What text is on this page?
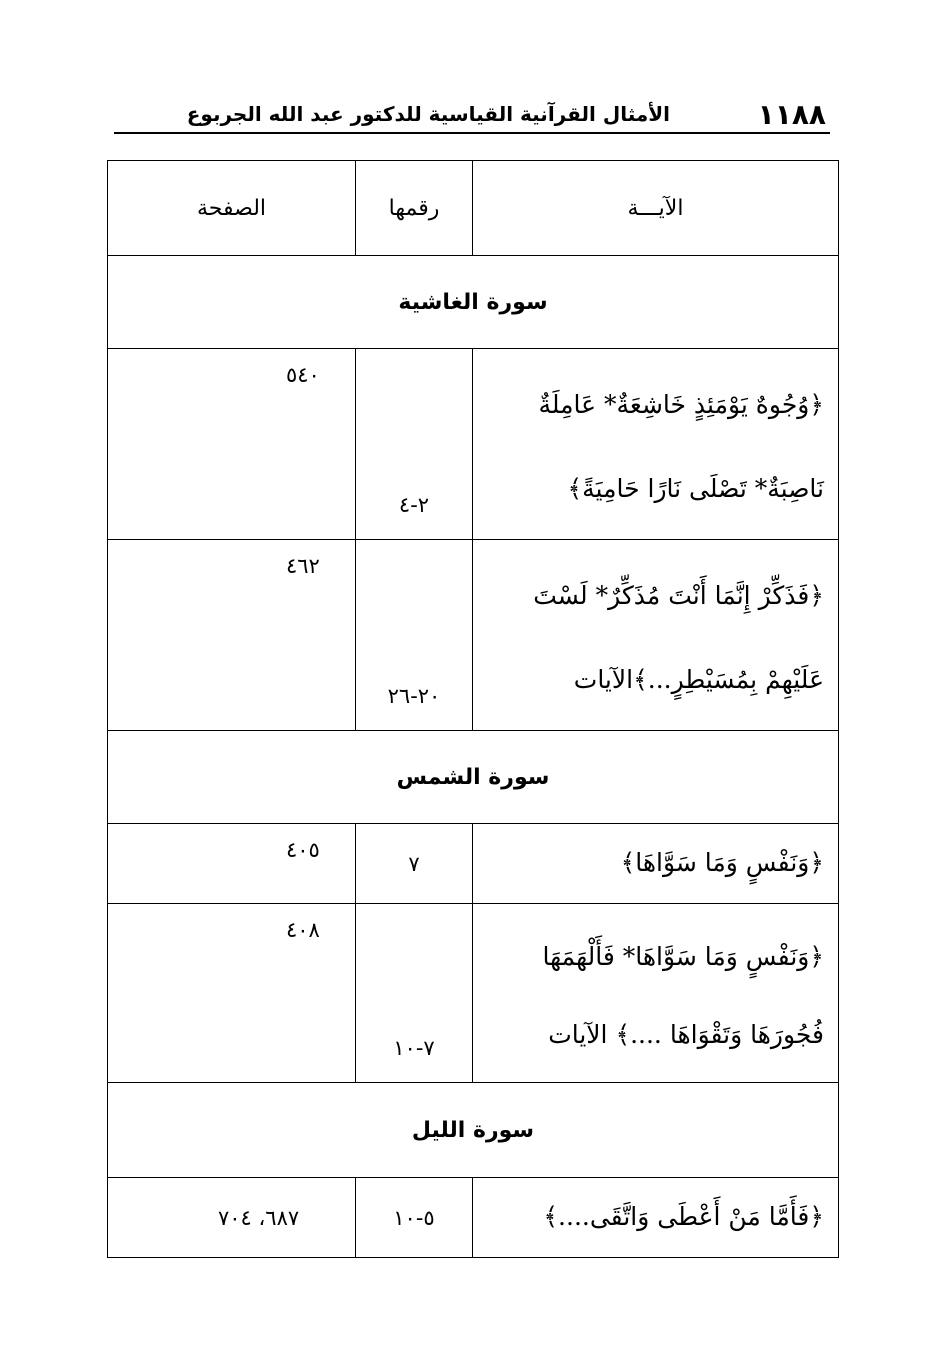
١١٨٨
الأمثال القرآنية القياسية للدكتور عبد الله الجربوع
الآيـــة	رقمها	الصفحة
سورة الغاشية		
﴿وُجُوهٌ يَوْمَئِذٍ خَاشِعَةٌ* عَامِلَةٌ نَاصِبَةٌ* تَصْلَى نَارًا حَامِيَةً﴾	٢-٤	٥٤٠
﴿فَذَكِّرْ إِنَّمَا أَنْتَ مُذَكِّرٌ* لَسْتَ عَلَيْهِمْ بِمُسَيْطِرٍ...﴾الآيات	٢٠-٢٦	٤٦٢
سورة الشمس		
﴿وَنَفْسٍ وَمَا سَوَّاهَا﴾	٧	٤٠٥
﴿وَنَفْسٍ وَمَا سَوَّاهَا* فَأَلْهَمَهَا فُجُورَهَا وَتَقْوَاهَا ....﴾ الآيات	٧-١٠	٤٠٨
سورة الليل		
﴿فَأَمَّا مَنْ أَعْطَى وَاتَّقَى....﴾	٥-١٠	٦٨٧، ٧٠٤
